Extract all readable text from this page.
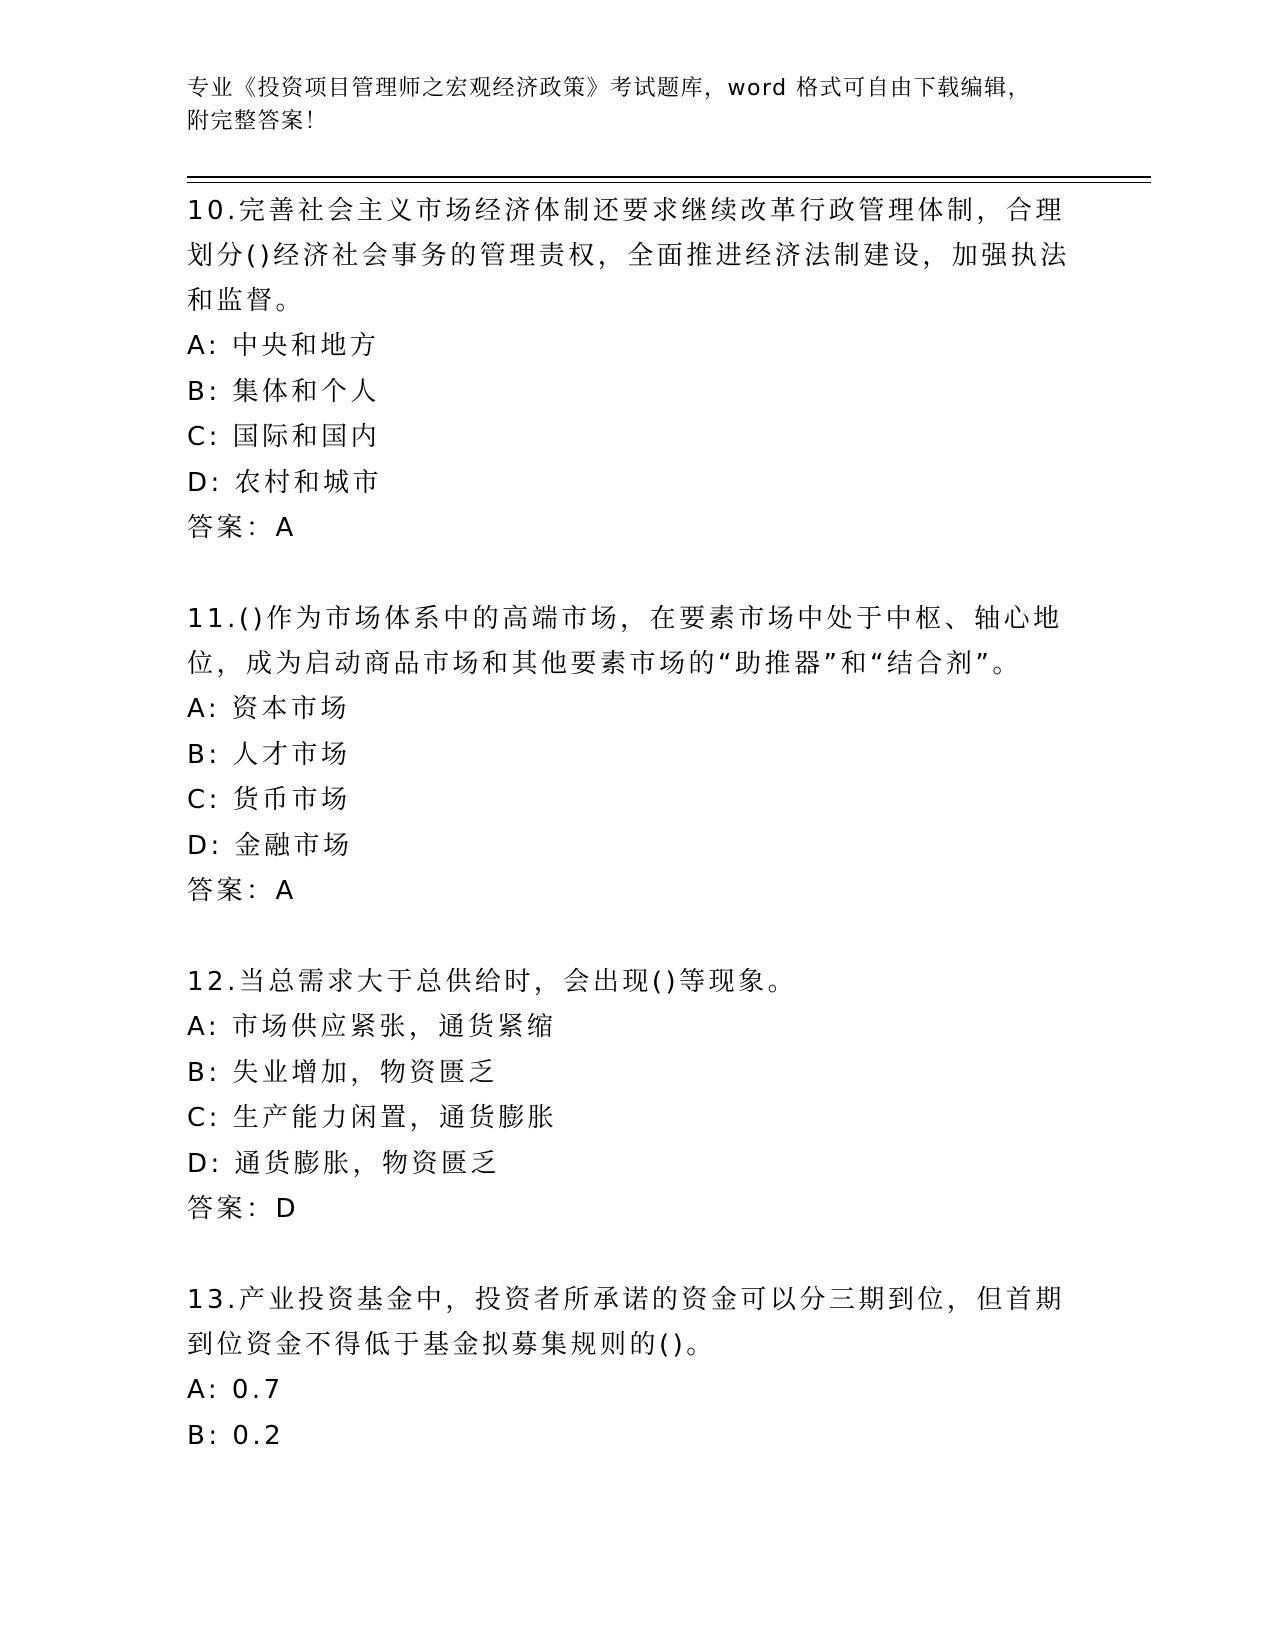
专业《投资项目管理师之宏观经济政策》考试题库，word 格式可自由下载编辑，
附完整答案！
10.完善社会主义市场经济体制还要求继续改革行政管理体制，合理划分()经济社会事务的管理责权，全面推进经济法制建设，加强执法和监督。
A: 中央和地方
B: 集体和个人
C: 国际和国内
D: 农村和城市
答案：A
11.()作为市场体系中的高端市场，在要素市场中处于中枢、轴心地位，成为启动商品市场和其他要素市场的“助推器”和“结合剂”。
A: 资本市场
B: 人才市场
C: 货币市场
D: 金融市场
答案：A
12.当总需求大于总供给时，会出现()等现象。
A: 市场供应紧张，通货紧缩
B: 失业增加，物资匮乏
C: 生产能力闲置，通货膨胀
D: 通货膨胀，物资匮乏
答案：D
13.产业投资基金中，投资者所承诺的资金可以分三期到位，但首期到位资金不得低于基金拟募集规则的()。
A: 0.7
B: 0.2
